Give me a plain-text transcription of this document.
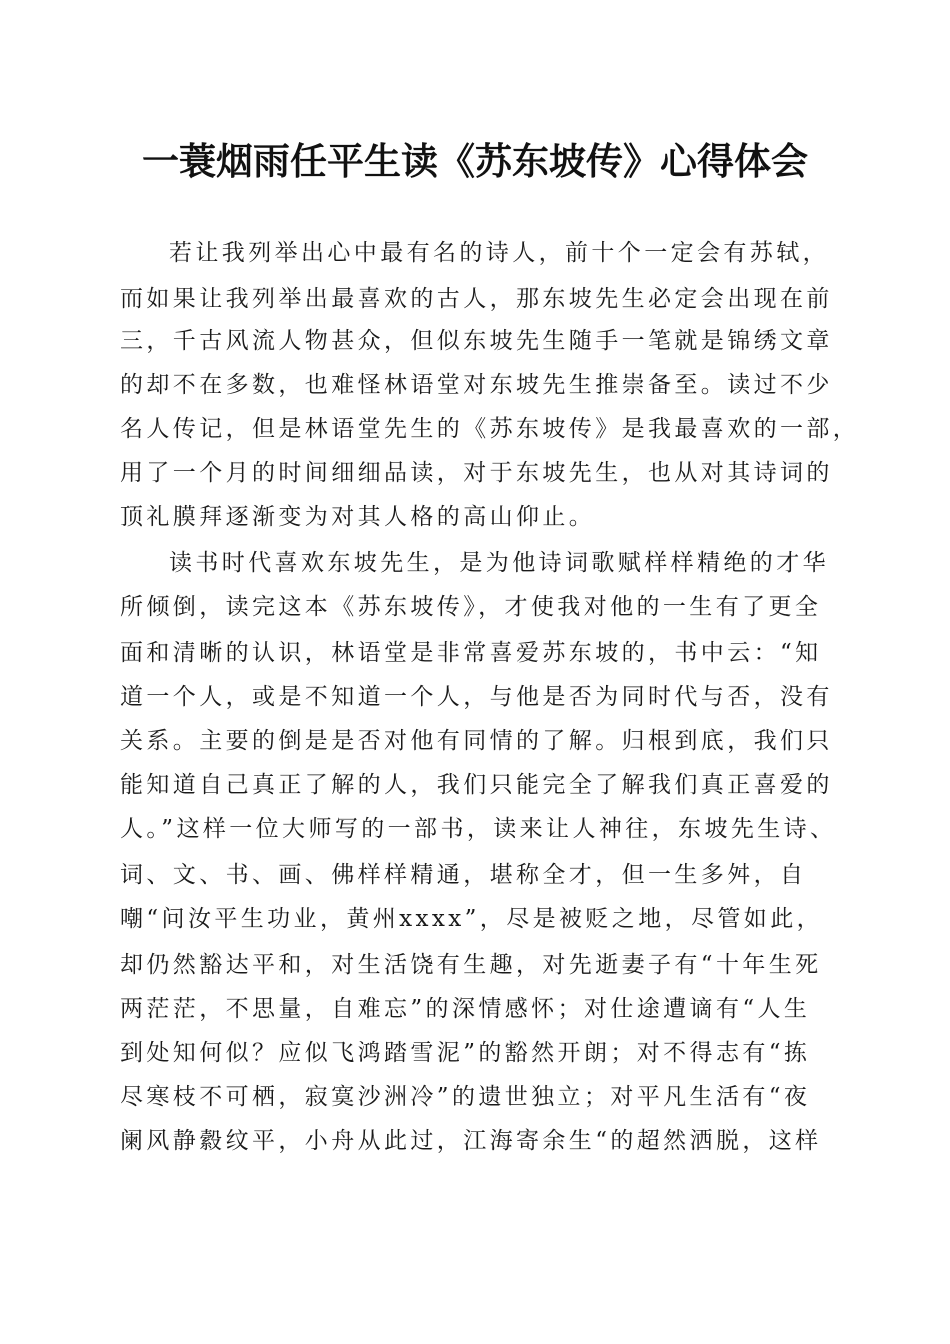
一蓑烟雨任平生读《苏东坡传》心得体会
若让我列举出心中最有名的诗人，前十个一定会有苏轼，
而如果让我列举出最喜欢的古人，那东坡先生必定会出现在前
三，千古风流人物甚众，但似东坡先生随手一笔就是锦绣文章
的却不在多数，也难怪林语堂对东坡先生推崇备至。读过不少
名人传记，但是林语堂先生的《苏东坡传》是我最喜欢的一部，
用了一个月的时间细细品读，对于东坡先生，也从对其诗词的
顶礼膜拜逐渐变为对其人格的高山仰止。
读书时代喜欢东坡先生，是为他诗词歌赋样样精绝的才华
所倾倒，读完这本《苏东坡传》，才使我对他的一生有了更全
面和清晰的认识，林语堂是非常喜爱苏东坡的，书中云：“知
道一个人，或是不知道一个人，与他是否为同时代与否，没有
关系。主要的倒是是否对他有同情的了解。归根到底，我们只
能知道自己真正了解的人，我们只能完全了解我们真正喜爱的
人。”这样一位大师写的一部书，读来让人神往，东坡先生诗、
词、文、书、画、佛样样精通，堪称全才，但一生多舛，自
嘲“问汝平生功业，黄州xxxx”，尽是被贬之地，尽管如此，
却仍然豁达平和，对生活饶有生趣，对先逝妻子有“十年生死
两茫茫，不思量，自难忘”的深情感怀；对仕途遭谪有“人生
到处知何似？应似飞鸿踏雪泥”的豁然开朗；对不得志有“拣
尽寒枝不可栖，寂寞沙洲冷”的遗世独立；对平凡生活有“夜
阑风静縠纹平，小舟从此过，江海寄余生“的超然洒脱，这样
